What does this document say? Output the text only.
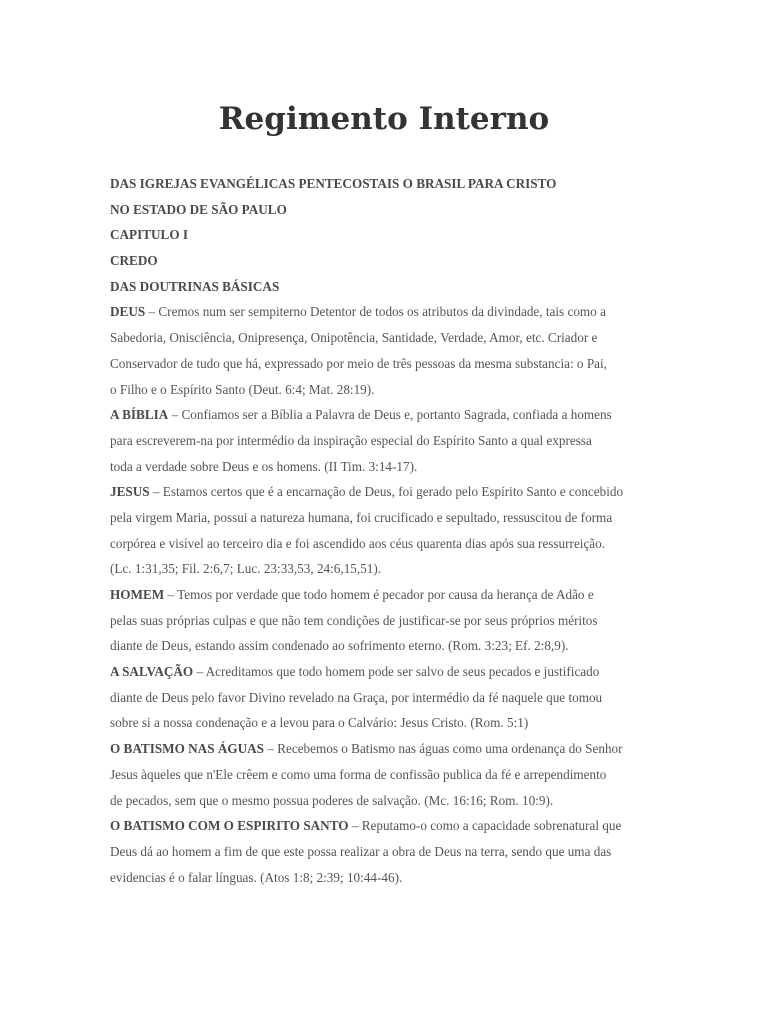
Regimento Interno
DAS IGREJAS EVANGÉLICAS PENTECOSTAIS O BRASIL PARA CRISTO
NO ESTADO DE SÃO PAULO
CAPITULO I
CREDO
DAS DOUTRINAS BÁSICAS
DEUS – Cremos num ser sempiterno Detentor de todos os atributos da divindade, tais como a
Sabedoria, Onisciência, Onipresença, Onipotência, Santidade, Verdade, Amor, etc. Criador e
Conservador de tudo que há, expressado por meio de três pessoas da mesma substancia: o Pai,
o Filho e o Espírito Santo (Deut. 6:4; Mat. 28:19).
A BÍBLIA – Confiamos ser a Bíblia a Palavra de Deus e, portanto Sagrada, confiada a homens
para escreverem-na por intermédio da inspiração especial do Espírito Santo a qual expressa
toda a verdade sobre Deus e os homens. (II Tim. 3:14-17).
JESUS – Estamos certos que é a encarnação de Deus, foi gerado pelo Espírito Santo e concebido
pela virgem Maria, possui a natureza humana, foi crucificado e sepultado, ressuscitou de forma
corpórea e visível ao terceiro dia e foi ascendido aos céus quarenta dias após sua ressurreição.
(Lc. 1:31,35; Fil. 2:6,7; Luc. 23:33,53, 24:6,15,51).
HOMEM – Temos por verdade que todo homem é pecador por causa da herança de Adão e
pelas suas próprias culpas e que não tem condições de justificar-se por seus próprios méritos
diante de Deus, estando assim condenado ao sofrimento eterno. (Rom. 3:23; Ef. 2:8,9).
A SALVAÇÃO – Acreditamos que todo homem pode ser salvo de seus pecados e justificado
diante de Deus pelo favor Divino revelado na Graça, por intermédio da fé naquele que tomou
sobre si a nossa condenação e a levou para o Calvário: Jesus Cristo. (Rom. 5:1)
O BATISMO NAS ÁGUAS – Recebemos o Batismo nas águas como uma ordenança do Senhor
Jesus àqueles que n'Ele crêem e como uma forma de confissão publica da fé e arrependimento
de pecados, sem que o mesmo possua poderes de salvação. (Mc. 16:16; Rom. 10:9).
O BATISMO COM O ESPIRITO SANTO – Reputamo-o como a capacidade sobrenatural que
Deus dá ao homem a fim de que este possa realizar a obra de Deus na terra, sendo que uma das
evidencias é o falar línguas. (Atos 1:8; 2:39; 10:44-46).
